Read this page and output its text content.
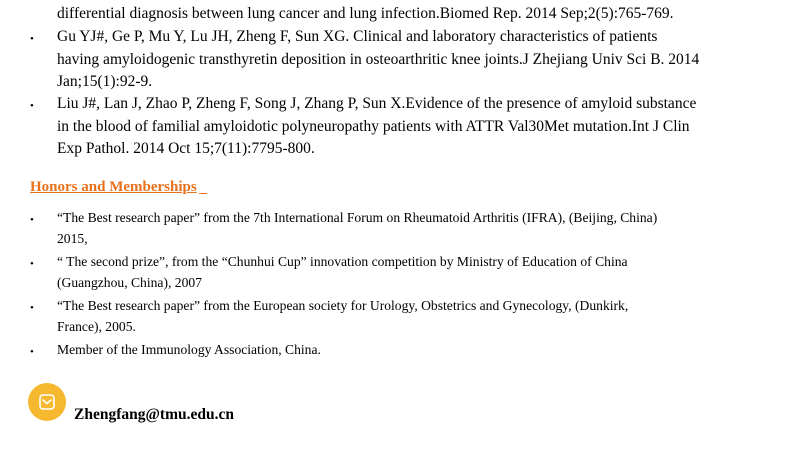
differential diagnosis between lung cancer and lung infection.Biomed Rep. 2014 Sep;2(5):765-769.
• Gu YJ#, Ge P, Mu Y, Lu JH, Zheng F, Sun XG. Clinical and laboratory characteristics of patients
having amyloidogenic transthyretin deposition in osteoarthritic knee joints.J Zhejiang Univ Sci B. 2014
Jan;15(1):92-9.
• Liu J#, Lan J, Zhao P, Zheng F, Song J, Zhang P, Sun X.Evidence of the presence of amyloid substance
in the blood of familial amyloidotic polyneuropathy patients with ATTR Val30Met mutation.Int J Clin
Exp Pathol. 2014 Oct 15;7(11):7795-800.
Honors and Memberships
• “The Best research paper” from the 7th International Forum on Rheumatoid Arthritis (IFRA), (Beijing, China)
2015,
• “ The second prize”, from the “Chunhui Cup” innovation competition by Ministry of Education of China
(Guangzhou, China), 2007
• “The Best research paper” from the European society for Urology, Obstetrics and Gynecology, (Dunkirk,
France), 2005.
• Member of the Immunology Association, China.
Zhengfang@tmu.edu.cn
